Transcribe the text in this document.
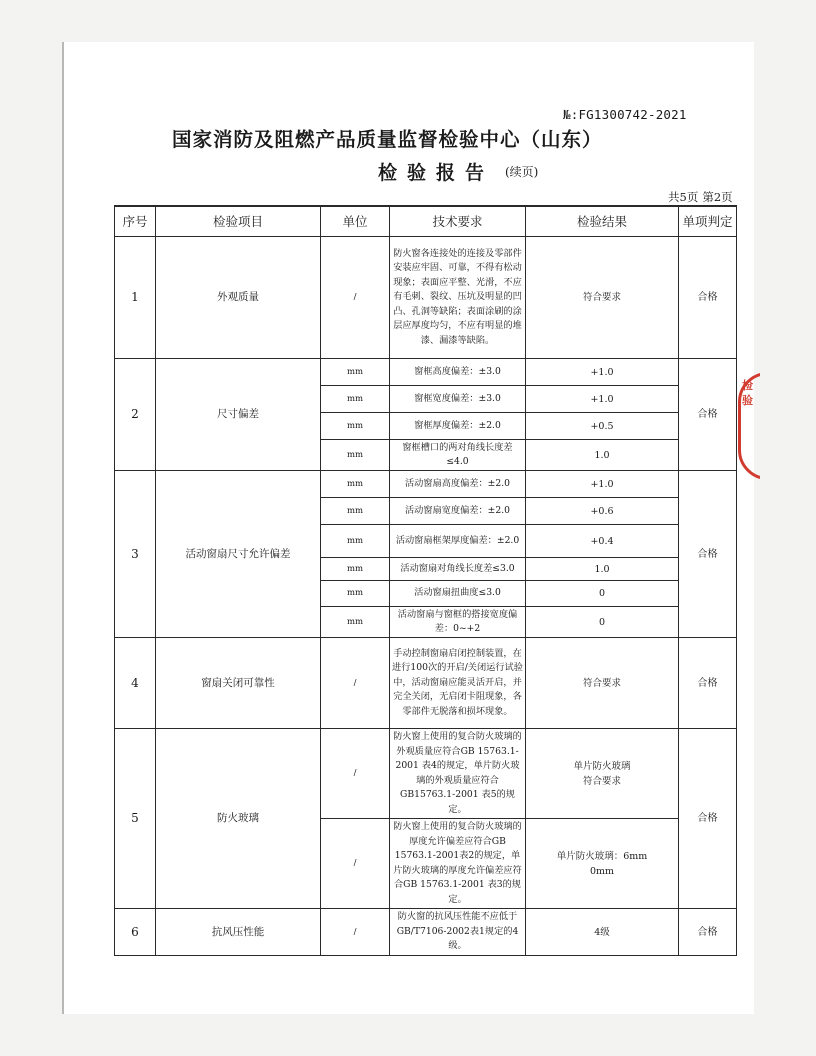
№:FG1300742-2021
国家消防及阻燃产品质量监督检验中心（山东）
检验报告 (续页)
共5页 第2页
序号	检验项目	单位	技术要求	检验结果	单项判定
1	外观质量	/	防火窗各连接处的连接及零部件安装应牢固、可靠，不得有松动现象；表面应平整、光滑，不应有毛刺、裂纹、压坑及明显的凹凸、孔洞等缺陷；表面涂刷的涂层应厚度均匀，不应有明显的堆漆、漏漆等缺陷。	符合要求	合格
2	尺寸偏差	mm	窗框高度偏差：±3.0	+1.0	合格
		mm	窗框宽度偏差：±3.0	+1.0	
		mm	窗框厚度偏差：±2.0	+0.5	
		mm	窗框槽口的两对角线长度差≤4.0	1.0	
3	活动窗扇尺寸允许偏差	mm	活动窗扇高度偏差：±2.0	+1.0	合格
		mm	活动窗扇宽度偏差：±2.0	+0.6	
		mm	活动窗扇框架厚度偏差：±2.0	+0.4	
		mm	活动窗扇对角线长度差≤3.0	1.0	
		mm	活动窗扇扭曲度≤3.0	0	
		mm	活动窗扇与窗框的搭接宽度偏差：0~+2	0	
4	窗扇关闭可靠性	/	手动控制窗扇启闭控制装置，在进行100次的开启/关闭运行试验中，活动窗扇应能灵活开启，并完全关闭，无启闭卡阻现象，各零部件无脱落和损坏现象。	符合要求	合格
5	防火玻璃	/	防火窗上使用的复合防火玻璃的外观质量应符合GB 15763.1-2001 表4的规定，单片防火玻璃的外观质量应符合GB15763.1-2001 表5的规定。	单片防火玻璃
符合要求	合格
		/	防火窗上使用的复合防火玻璃的厚度允许偏差应符合GB 15763.1-2001表2的规定，单片防火玻璃的厚度允许偏差应符合GB 15763.1-2001 表3的规定。	单片防火玻璃：6mm
0mm	
6	抗风压性能	/	防火窗的抗风压性能不应低于GB/T7106-2002表1规定的4级。	4级	合格
检验
